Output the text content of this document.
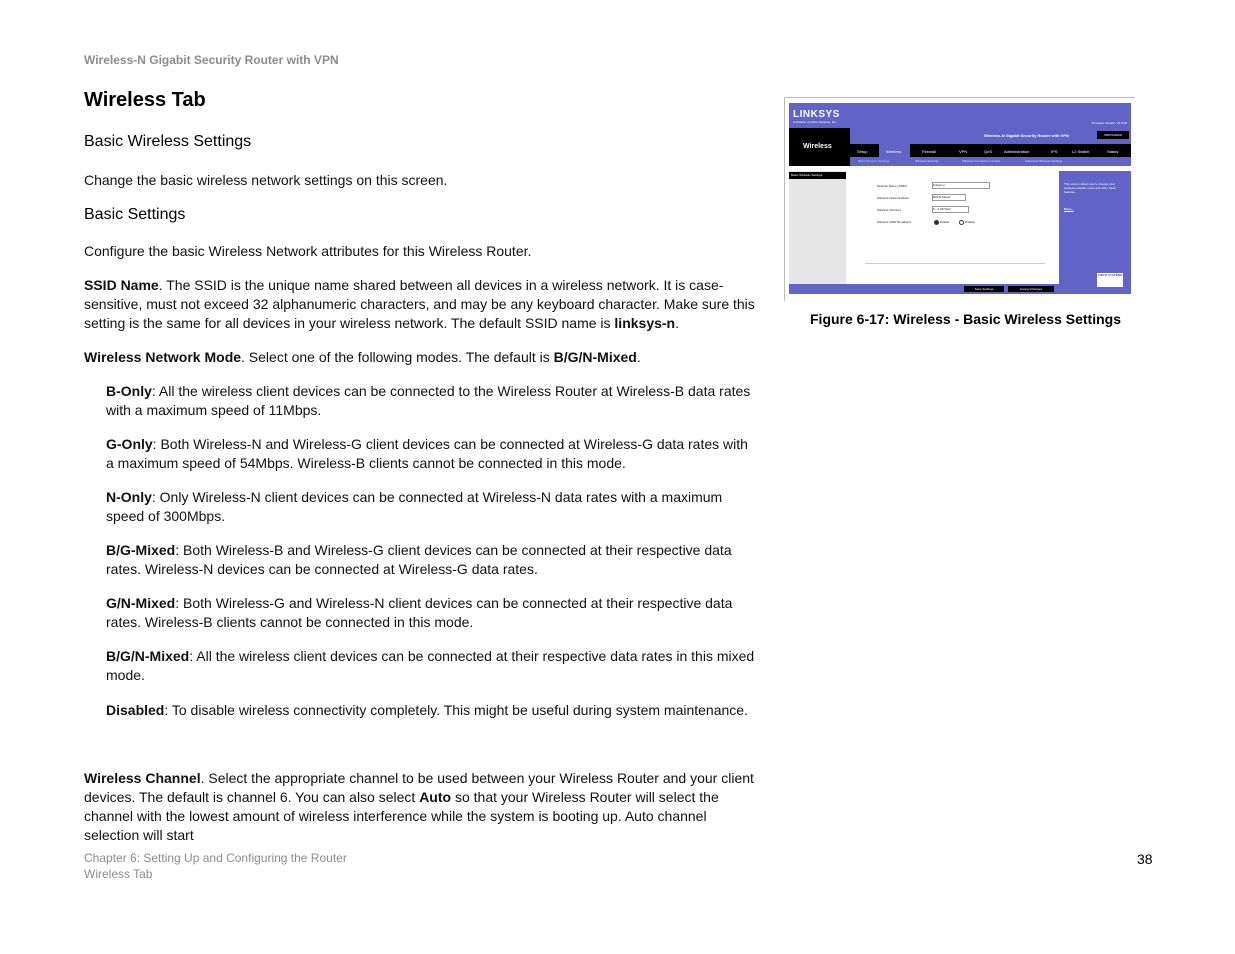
Wireless-N Gigabit Security Router with VPN
Wireless Tab
Basic Wireless Settings
Change the basic wireless network settings on this screen.
Basic Settings
Configure the basic Wireless Network attributes for this Wireless Router.
SSID Name. The SSID is the unique name shared between all devices in a wireless network. It is case-sensitive, must not exceed 32 alphanumeric characters, and may be any keyboard character. Make sure this setting is the same for all devices in your wireless network. The default SSID name is linksys-n.
Wireless Network Mode. Select one of the following modes. The default is B/G/N-Mixed.
B-Only: All the wireless client devices can be connected to the Wireless Router at Wireless-B data rates with a maximum speed of 11Mbps.
G-Only: Both Wireless-N and Wireless-G client devices can be connected at Wireless-G data rates with a maximum speed of 54Mbps. Wireless-B clients cannot be connected in this mode.
N-Only: Only Wireless-N client devices can be connected at Wireless-N data rates with a maximum speed of 300Mbps.
B/G-Mixed: Both Wireless-B and Wireless-G client devices can be connected at their respective data rates. Wireless-N devices can be connected at Wireless-G data rates.
G/N-Mixed: Both Wireless-G and Wireless-N client devices can be connected at their respective data rates. Wireless-B clients cannot be connected in this mode.
B/G/N-Mixed: All the wireless client devices can be connected at their respective data rates in this mixed mode.
Disabled: To disable wireless connectivity completely. This might be useful during system maintenance.
Wireless Channel. Select the appropriate channel to be used between your Wireless Router and your client devices. The default is channel 6. You can also select Auto so that your Wireless Router will select the channel with the lowest amount of wireless interference while the system is booting up. Auto channel selection will start
LINKSYS
A Division of Cisco Systems, Inc.	Firmware Version: V1.0.00
Wireless
Wireless-N Gigabit Security Router with VPN	WRVS4400N
Setup	Wireless	Firewall	VPN	QoS	Administration	IPS	L2 Switch	Status
Basic Wireless Settings	Wireless Security	Wireless Connection Control	Advanced Wireless Settings
Basic Wireless Settings
Network Name (SSID):	linksys-n
Wireless Network Mode:	B/G/N-Mixed
Wireless Channel:	6 - 2.437GHz
Wireless SSID Broadcast:	Enable	Disable
This screen allows you to choose your wireless network mode and other basic features.
More...
CISCO SYSTEMS
Save Settings	Cancel Changes
Figure 6-17: Wireless - Basic Wireless Settings
Chapter 6: Setting Up and Configuring the Router
Wireless Tab
38
